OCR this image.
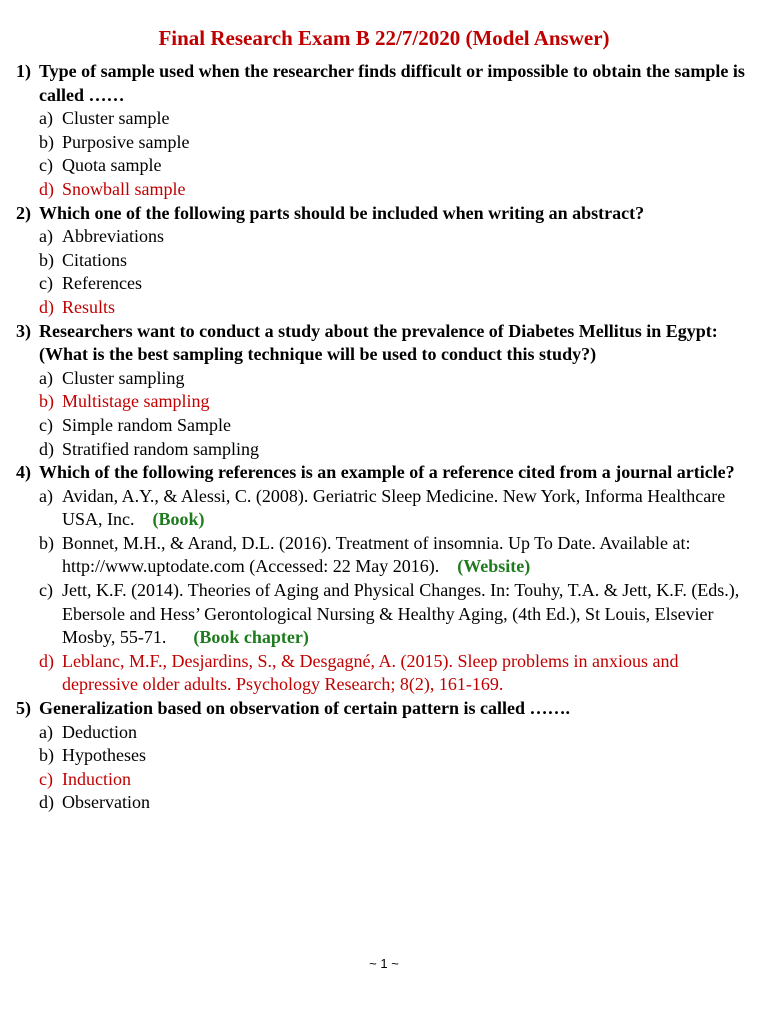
Final Research Exam B 22/7/2020 (Model Answer)
1) Type of sample used when the researcher finds difficult or impossible to obtain the sample is called ……
a) Cluster sample
b) Purposive sample
c) Quota sample
d) Snowball sample
2) Which one of the following parts should be included when writing an abstract?
a) Abbreviations
b) Citations
c) References
d) Results
3) Researchers want to conduct a study about the prevalence of Diabetes Mellitus in Egypt: (What is the best sampling technique will be used to conduct this study?)
a) Cluster sampling
b) Multistage sampling
c) Simple random Sample
d) Stratified random sampling
4) Which of the following references is an example of a reference cited from a journal article?
a) Avidan, A.Y., & Alessi, C. (2008). Geriatric Sleep Medicine. New York, Informa Healthcare USA, Inc. (Book)
b) Bonnet, M.H., & Arand, D.L. (2016). Treatment of insomnia. Up To Date. Available at: http://www.uptodate.com (Accessed: 22 May 2016). (Website)
c) Jett, K.F. (2014). Theories of Aging and Physical Changes. In: Touhy, T.A. & Jett, K.F. (Eds.), Ebersole and Hess’ Gerontological Nursing & Healthy Aging, (4th Ed.), St Louis, Elsevier Mosby, 55-71. (Book chapter)
d) Leblanc, M.F., Desjardins, S., & Desgagné, A. (2015). Sleep problems in anxious and depressive older adults. Psychology Research; 8(2), 161-169.
5) Generalization based on observation of certain pattern is called …….
a) Deduction
b) Hypotheses
c) Induction
d) Observation
~ 1 ~
